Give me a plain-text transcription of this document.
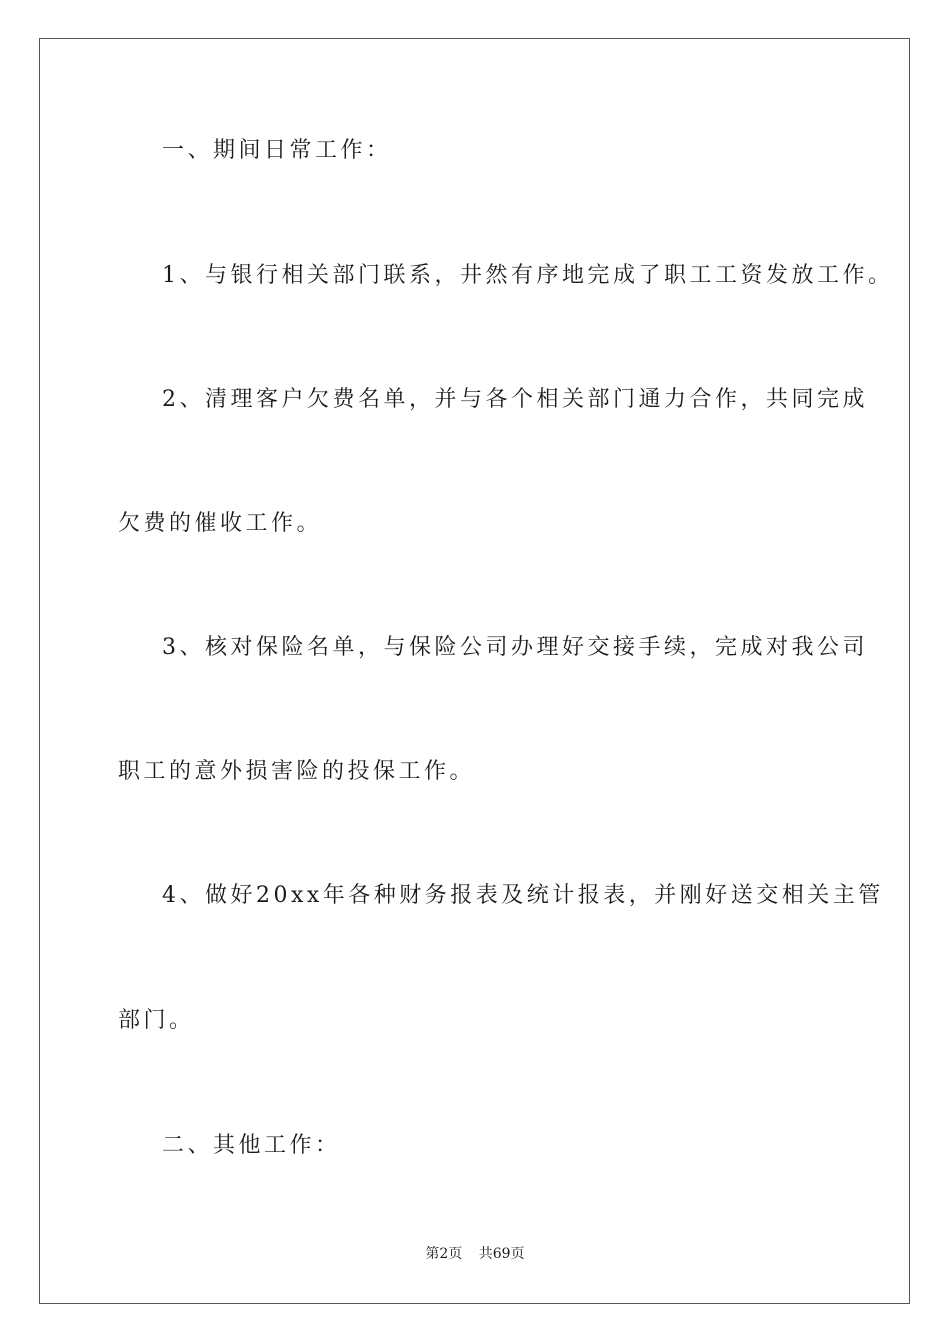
一、期间日常工作：
1、与银行相关部门联系，井然有序地完成了职工工资发放工作。
2、清理客户欠费名单，并与各个相关部门通力合作，共同完成
欠费的催收工作。
3、核对保险名单，与保险公司办理好交接手续，完成对我公司
职工的意外损害险的投保工作。
4、做好20xx年各种财务报表及统计报表，并刚好送交相关主管
部门。
二、其他工作：
第2页 共69页
